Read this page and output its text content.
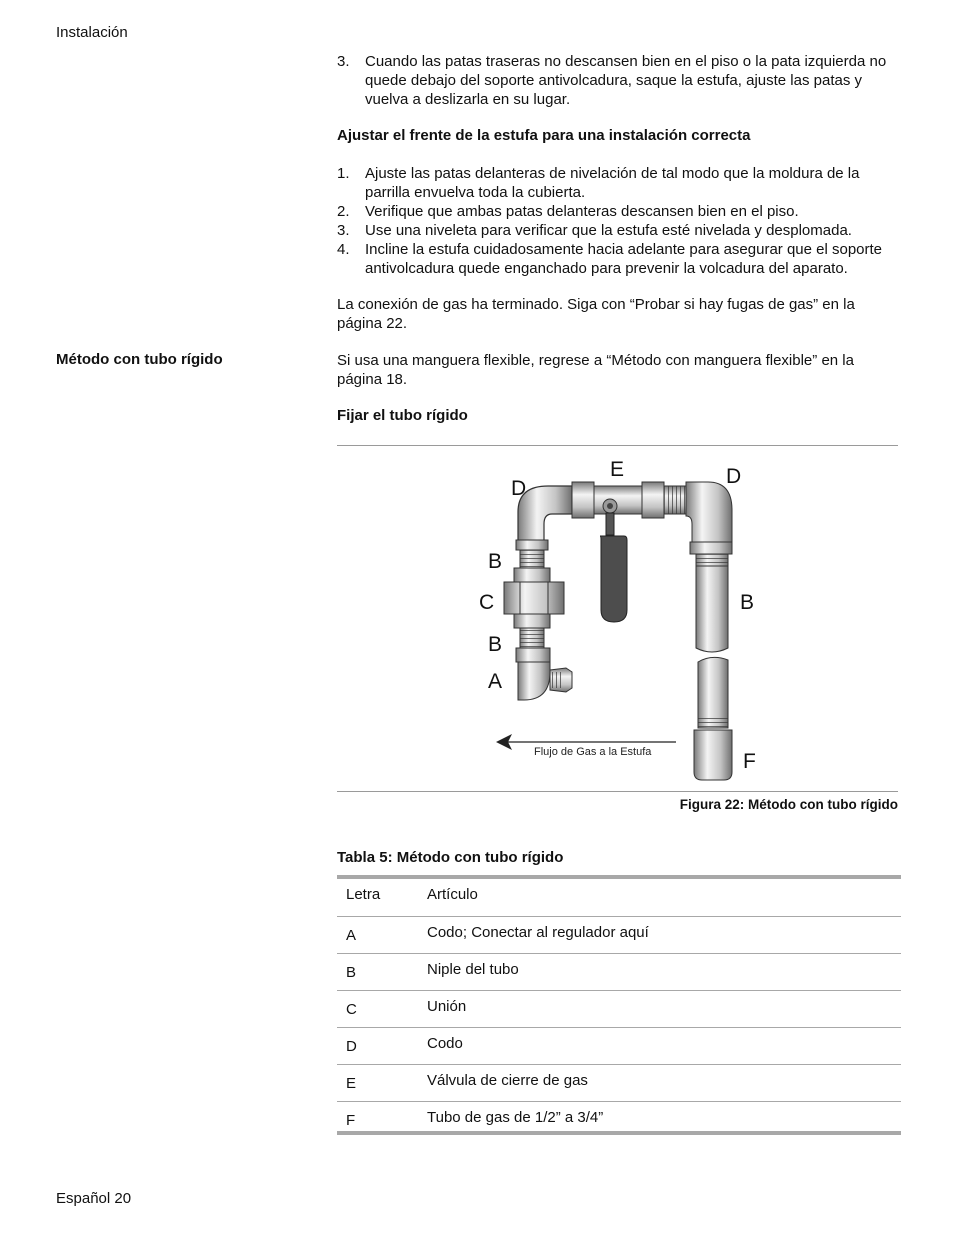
Instalación
3. Cuando las patas traseras no descansen bien en el piso o la pata izquierda no quede debajo del soporte antivolcadura, saque la estufa, ajuste las patas y vuelva a deslizarla en su lugar.
Ajustar el frente de la estufa para una instalación correcta
1. Ajuste las patas delanteras de nivelación de tal modo que la moldura de la parrilla envuelva toda la cubierta.
2. Verifique que ambas patas delanteras descansen bien en el piso.
3. Use una niveleta para verificar que la estufa esté nivelada y desplomada.
4. Incline la estufa cuidadosamente hacia adelante para asegurar que el soporte antivolcadura quede enganchado para prevenir la volcadura del aparato.

La conexión de gas ha terminado. Siga con “Probar si hay fugas de gas” en la página 22.

Método con tubo rígido	Si usa una manguera flexible, regrese a “Método con manguera flexible” en la página 18.

Fijar el tubo rígido
Flujo de Gas a la Estufa
E
D
D
B
C	B
B
A
F
Figura 22: Método con tubo rígido
Tabla 5: Método con tubo rígido
Letra	Artículo
A	Codo; Conectar al regulador aquí
B	Niple del tubo
C	Unión
D	Codo
E	Válvula de cierre de gas
F	Tubo de gas de 1/2” a 3/4”
Español 20
